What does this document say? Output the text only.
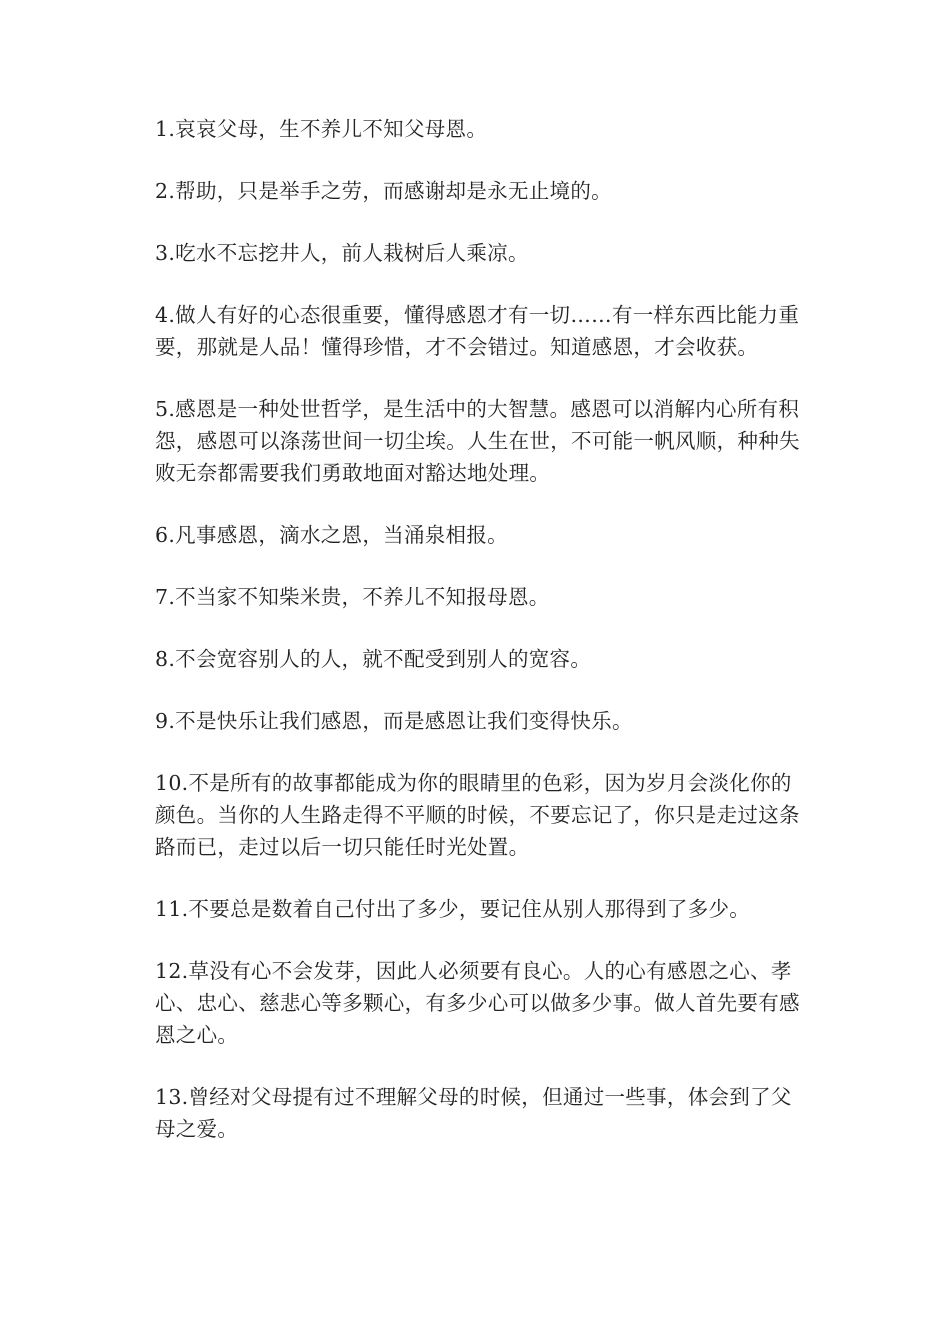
1.哀哀父母，生不养儿不知父母恩。

2.帮助，只是举手之劳，而感谢却是永无止境的。

3.吃水不忘挖井人，前人栽树后人乘凉。

4.做人有好的心态很重要，懂得感恩才有一切……有一样东西比能力重要，那就是人品！懂得珍惜，才不会错过。知道感恩，才会收获。

5.感恩是一种处世哲学，是生活中的大智慧。感恩可以消解内心所有积怨，感恩可以涤荡世间一切尘埃。人生在世，不可能一帆风顺，种种失败无奈都需要我们勇敢地面对豁达地处理。

6.凡事感恩，滴水之恩，当涌泉相报。

7.不当家不知柴米贵，不养儿不知报母恩。

8.不会宽容别人的人，就不配受到别人的宽容。

9.不是快乐让我们感恩，而是感恩让我们变得快乐。

10.不是所有的故事都能成为你的眼睛里的色彩，因为岁月会淡化你的颜色。当你的人生路走得不平顺的时候，不要忘记了，你只是走过这条路而已，走过以后一切只能任时光处置。

11.不要总是数着自己付出了多少，要记住从别人那得到了多少。

12.草没有心不会发芽，因此人必须要有良心。人的心有感恩之心、孝心、忠心、慈悲心等多颗心，有多少心可以做多少事。做人首先要有感恩之心。

13.曾经对父母提有过不理解父母的时候，但通过一些事，体会到了父母之爱。
